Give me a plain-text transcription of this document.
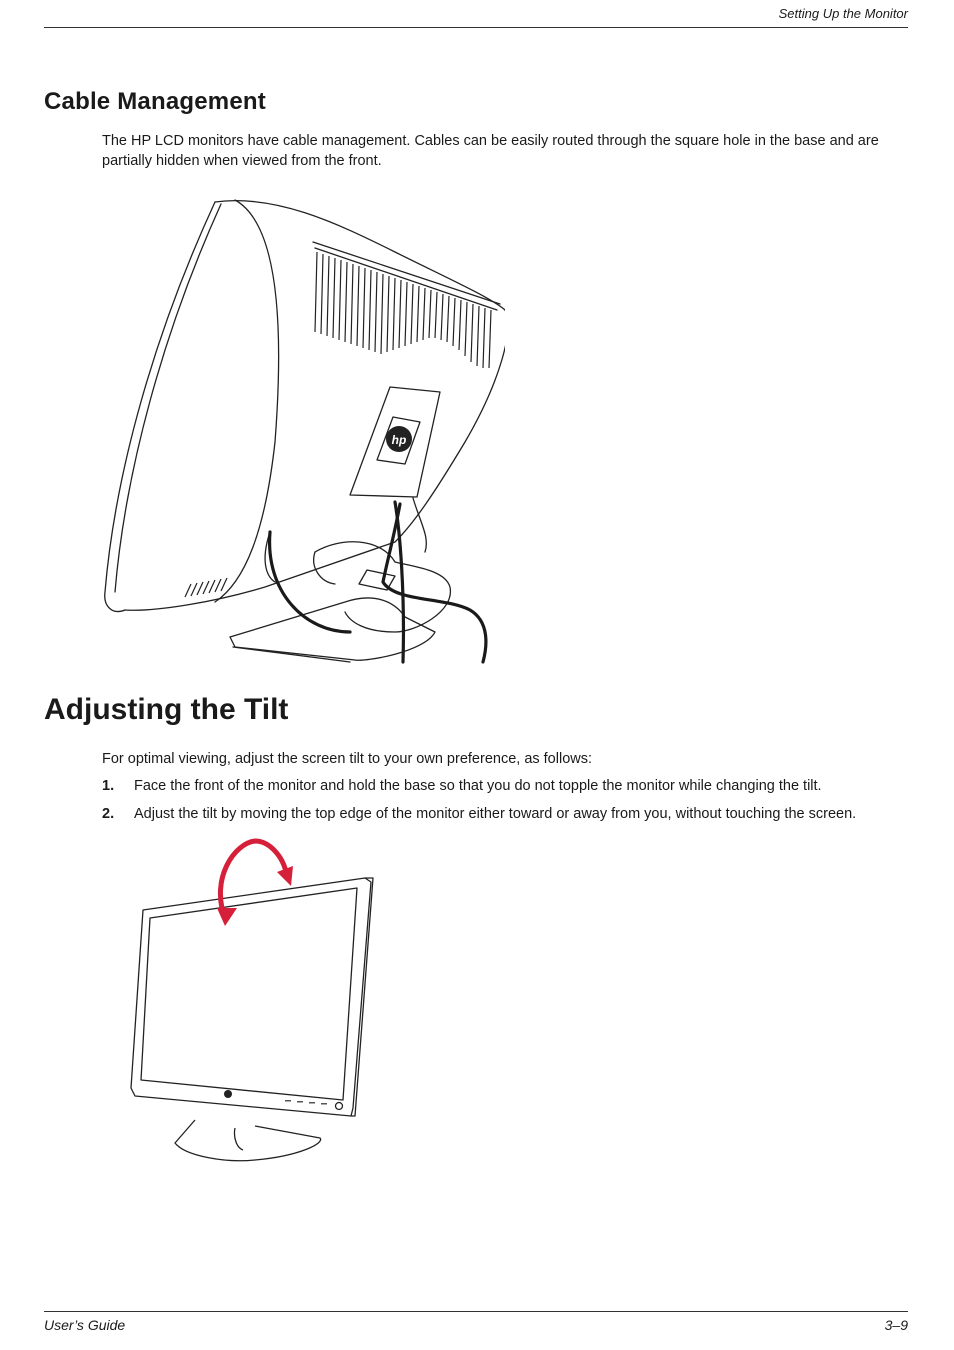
Setting Up the Monitor
Cable Management

The HP LCD monitors have cable management. Cables can be easily routed through the square hole in the base and are partially hidden when viewed from the front.

hp
Adjusting the Tilt

For optimal viewing, adjust the screen tilt to your own preference, as follows:

1.	Face the front of the monitor and hold the base so that you do not topple the monitor while changing the tilt.
2.	Adjust the tilt by moving the top edge of the monitor either toward or away from you, without touching the screen.
User’s Guide	3–9
